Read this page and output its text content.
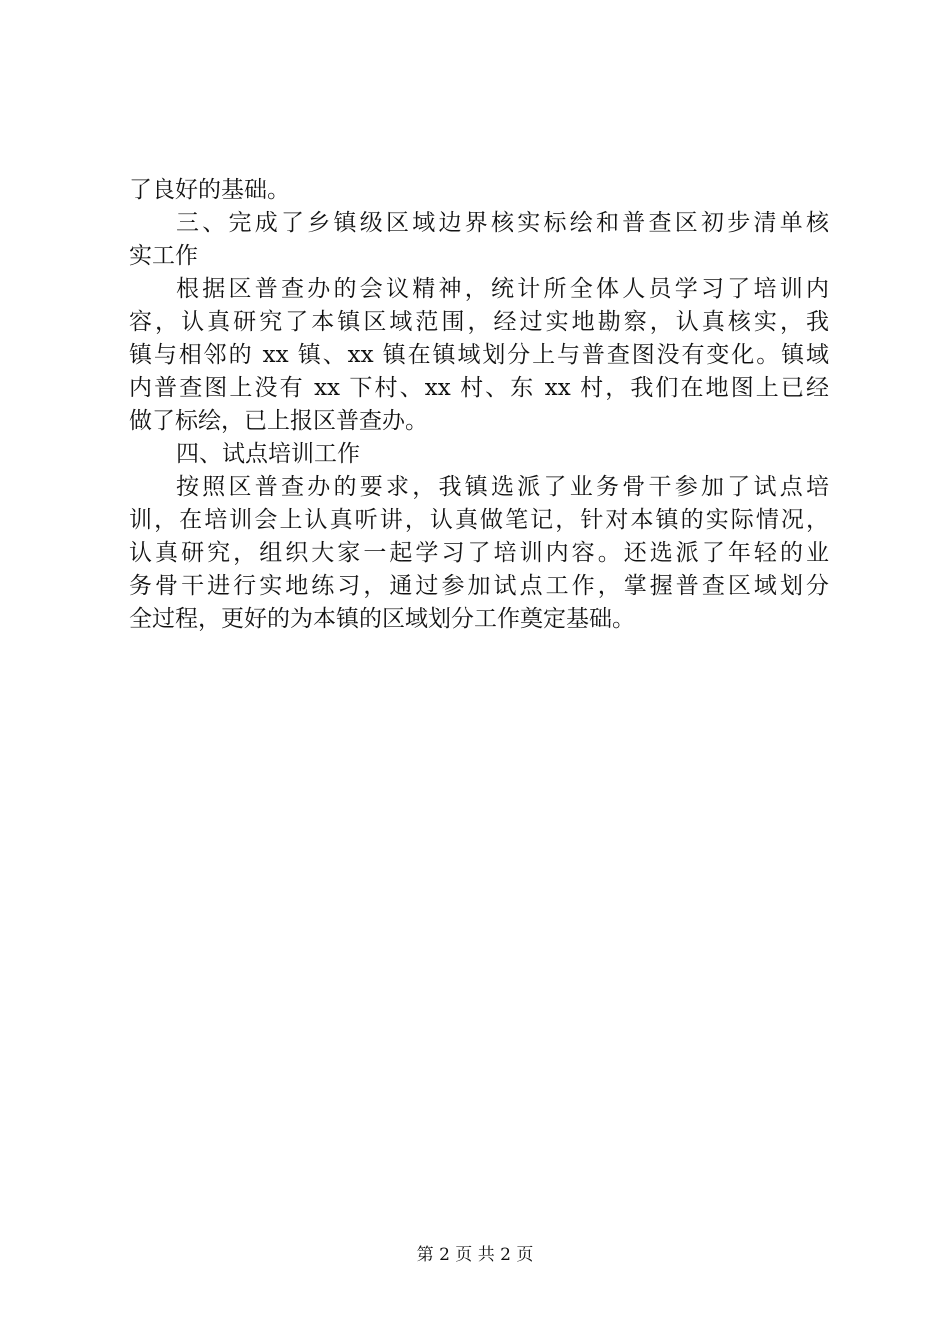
了良好的基础。
三、完成了乡镇级区域边界核实标绘和普查区初步清单核
实工作
根据区普查办的会议精神，统计所全体人员学习了培训内
容，认真研究了本镇区域范围，经过实地勘察，认真核实，我
镇与相邻的 xx 镇、xx 镇在镇域划分上与普查图没有变化。镇域
内普查图上没有 xx 下村、xx 村、东 xx 村，我们在地图上已经
做了标绘，已上报区普查办。
四、试点培训工作
按照区普查办的要求，我镇选派了业务骨干参加了试点培
训，在培训会上认真听讲，认真做笔记，针对本镇的实际情况，
认真研究，组织大家一起学习了培训内容。还选派了年轻的业
务骨干进行实地练习，通过参加试点工作，掌握普查区域划分
全过程，更好的为本镇的区域划分工作奠定基础。
第 2 页 共 2 页
